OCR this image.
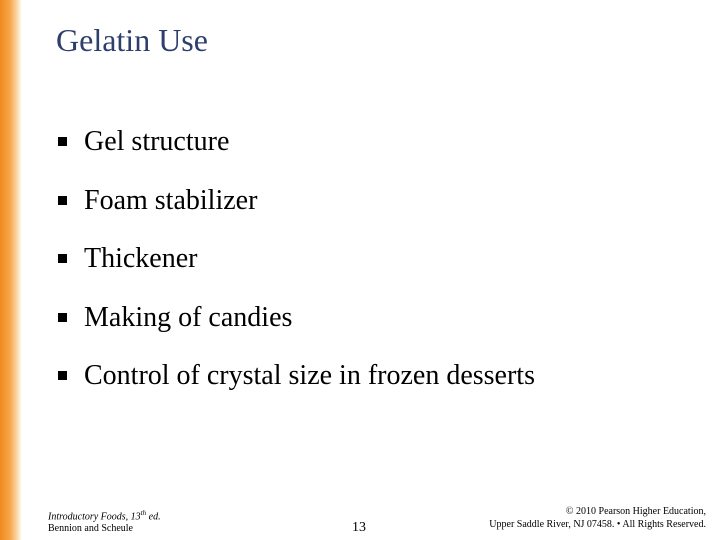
Gelatin Use
Gel structure
Foam stabilizer
Thickener
Making of candies
Control of crystal size in frozen desserts
Introductory Foods, 13th ed.
Bennion and Scheule	13
© 2010 Pearson Higher Education,
Upper Saddle River, NJ 07458. • All Rights Reserved.
